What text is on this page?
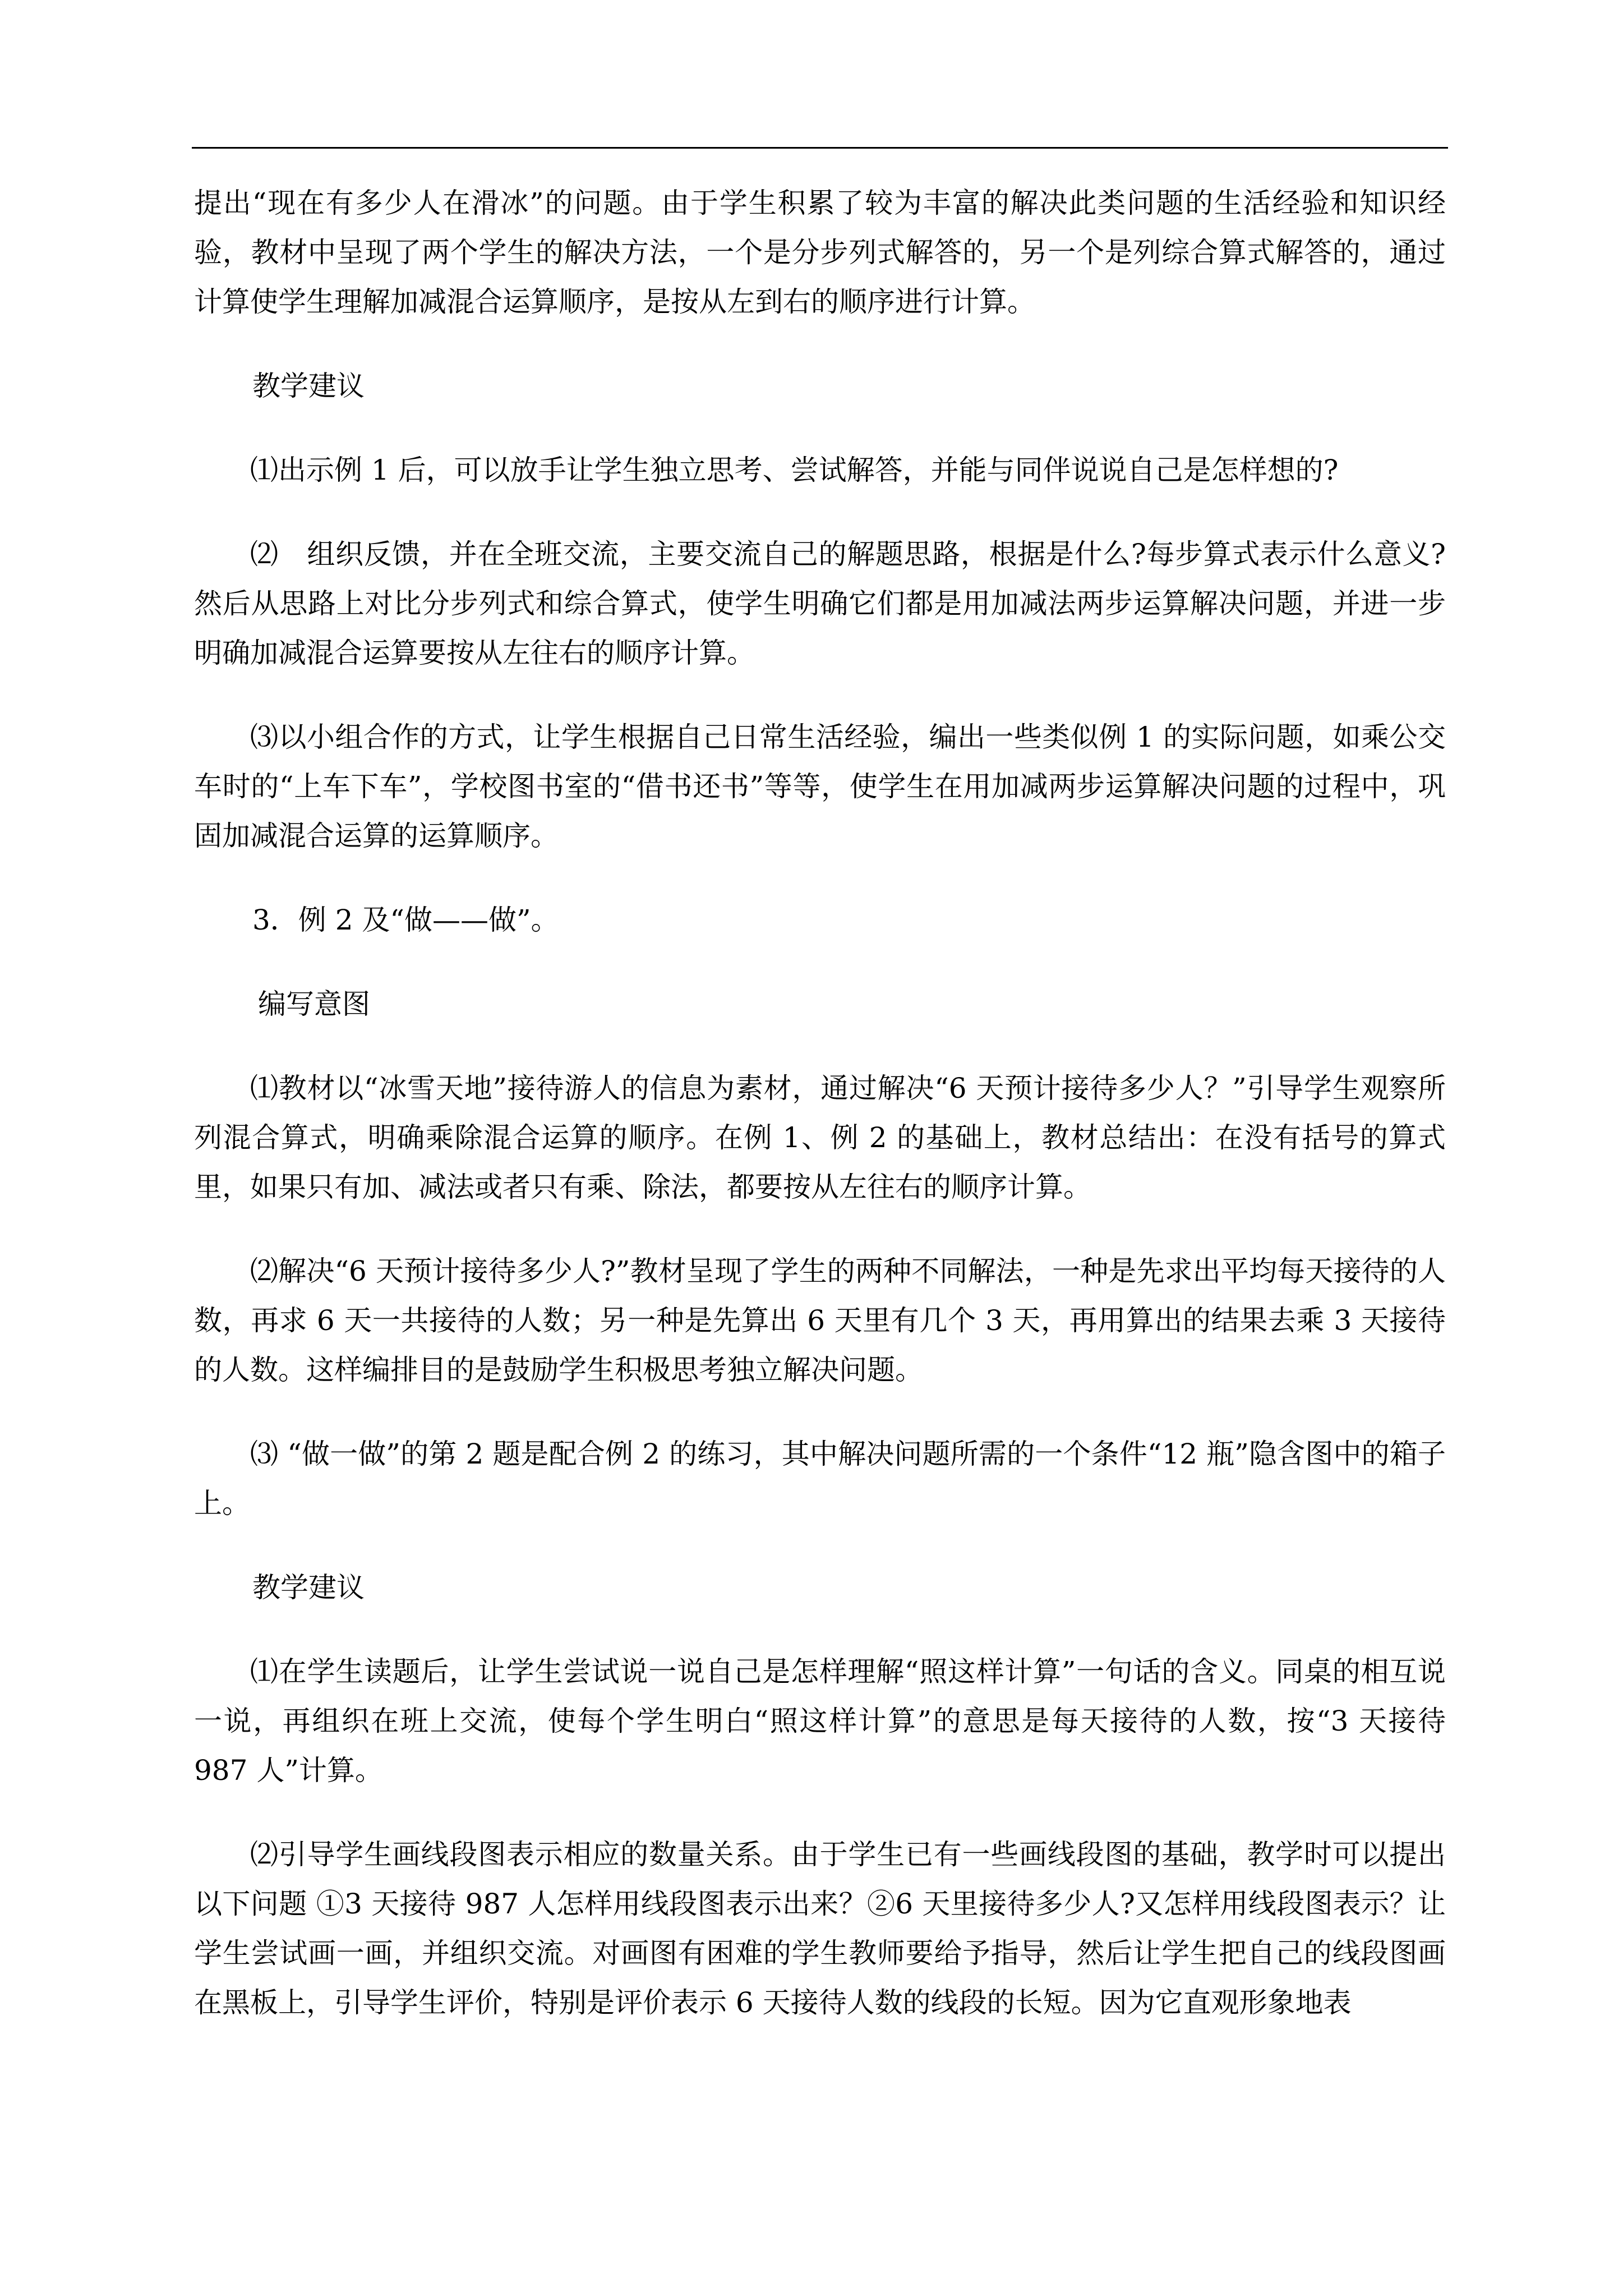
提出“现在有多少人在滑冰”的问题。由于学生积累了较为丰富的解决此类问题的生活经验和知识经验，教材中呈现了两个学生的解决方法，一个是分步列式解答的，另一个是列综合算式解答的，通过计算使学生理解加减混合运算顺序，是按从左到右的顺序进行计算。

教学建议

⑴出示例 1 后，可以放手让学生独立思考、尝试解答，并能与同伴说说自己是怎样想的?

⑵　组织反馈，并在全班交流，主要交流自己的解题思路，根据是什么?每步算式表示什么意义?然后从思路上对比分步列式和综合算式，使学生明确它们都是用加减法两步运算解决问题，并进一步明确加减混合运算要按从左往右的顺序计算。

⑶以小组合作的方式，让学生根据自己日常生活经验，编出一些类似例 1 的实际问题，如乘公交车时的“上车下车”，学校图书室的“借书还书”等等，使学生在用加减两步运算解决问题的过程中，巩固加减混合运算的运算顺序。

3．例 2 及“做——做”。

编写意图

⑴教材以“冰雪天地”接待游人的信息为素材，通过解决“6 天预计接待多少人？”引导学生观察所列混合算式，明确乘除混合运算的顺序。在例 1、例 2 的基础上，教材总结出：在没有括号的算式里，如果只有加、减法或者只有乘、除法，都要按从左往右的顺序计算。

⑵解决“6 天预计接待多少人?”教材呈现了学生的两种不同解法，一种是先求出平均每天接待的人数，再求 6 天一共接待的人数；另一种是先算出 6 天里有几个 3 天，再用算出的结果去乘 3 天接待的人数。这样编排目的是鼓励学生积极思考独立解决问题。

⑶ “做一做”的第 2 题是配合例 2 的练习，其中解决问题所需的一个条件“12 瓶”隐含图中的箱子上。

教学建议

⑴在学生读题后，让学生尝试说一说自己是怎样理解“照这样计算”一句话的含义。同桌的相互说一说，再组织在班上交流，使每个学生明白“照这样计算”的意思是每天接待的人数，按“3 天接待 987 人”计算。

⑵引导学生画线段图表示相应的数量关系。由于学生已有一些画线段图的基础，教学时可以提出以下问题 ①3 天接待 987 人怎样用线段图表示出来？②6 天里接待多少人?又怎样用线段图表示？让学生尝试画一画，并组织交流。对画图有困难的学生教师要给予指导，然后让学生把自己的线段图画在黑板上，引导学生评价，特别是评价表示 6 天接待人数的线段的长短。因为它直观形象地表
